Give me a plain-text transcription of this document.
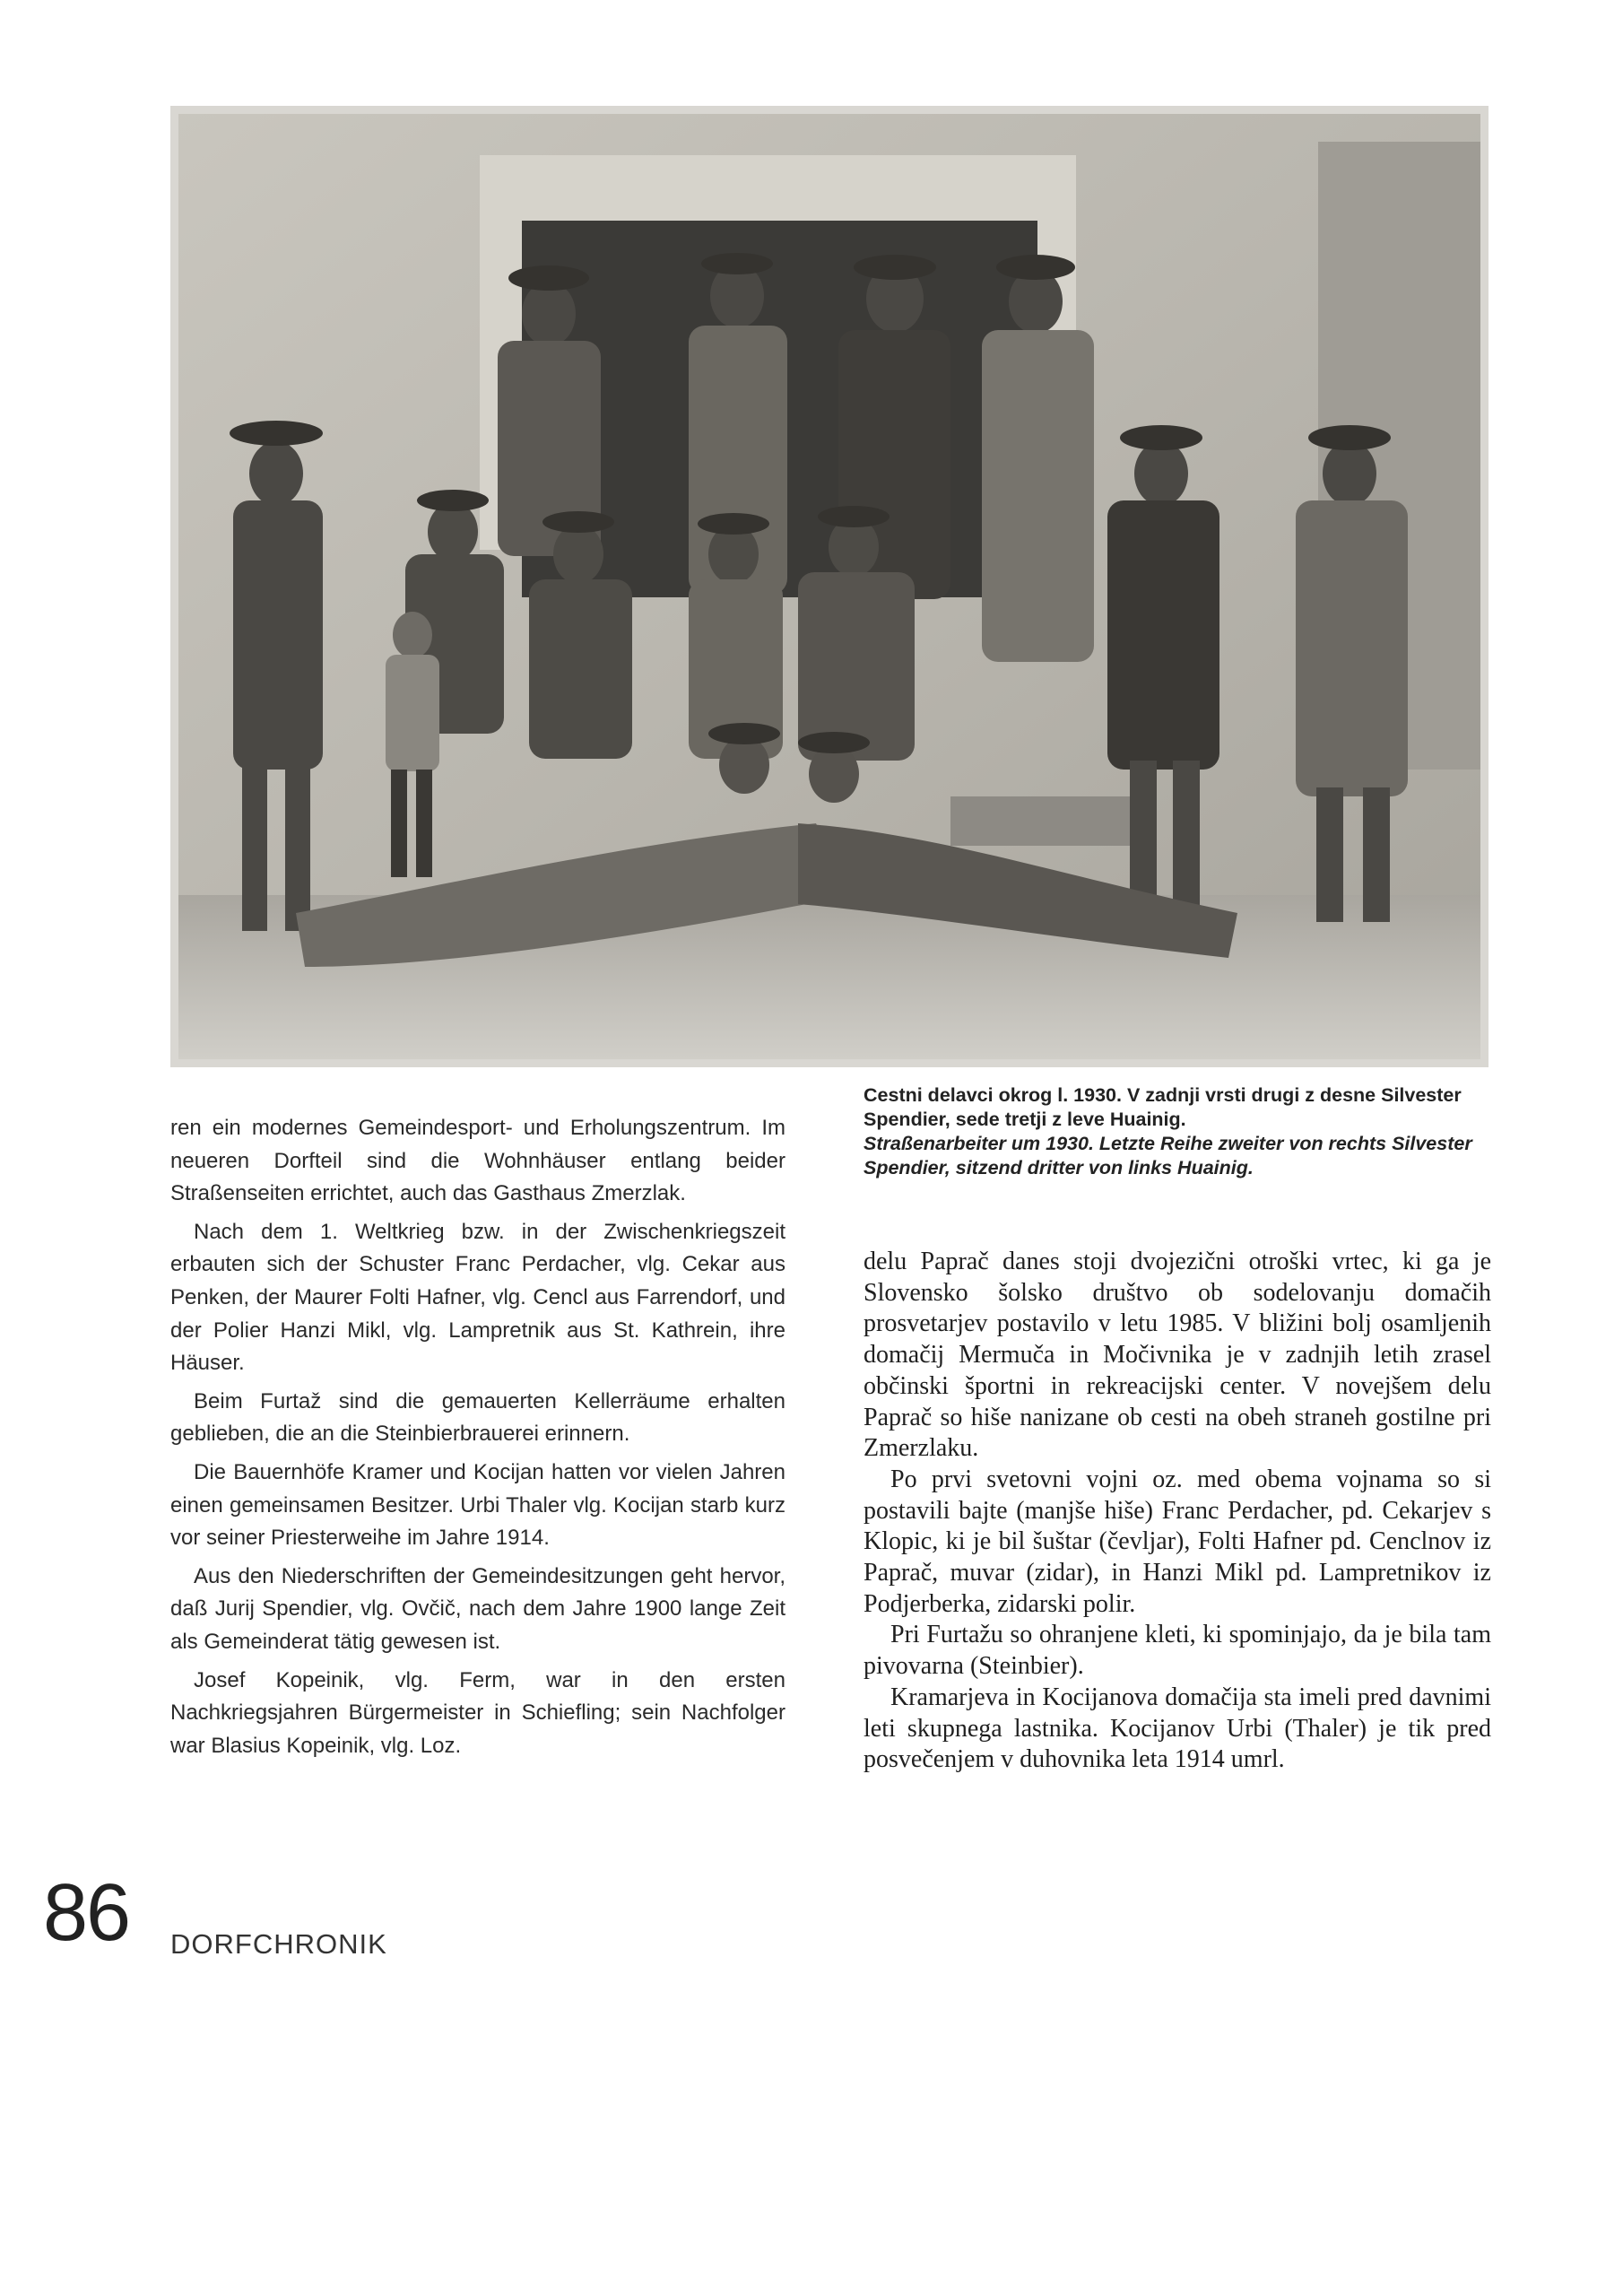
Cestni delavci okrog l. 1930. V zadnji vrsti drugi z desne Silvester Spendier, sede tretji z leve Huainig.
Straßenarbeiter um 1930. Letzte Reihe zweiter von rechts Silvester Spendier, sitzend dritter von links Huainig.

ren ein modernes Gemeindesport- und Erholungszentrum. Im neueren Dorfteil sind die Wohnhäuser entlang beider Straßenseiten errichtet, auch das Gasthaus Zmerzlak.

Nach dem 1. Weltkrieg bzw. in der Zwischenkriegszeit erbauten sich der Schuster Franc Perdacher, vlg. Cekar aus Penken, der Maurer Folti Hafner, vlg. Cencl aus Farrendorf, und der Polier Hanzi Mikl, vlg. Lampretnik aus St. Kathrein, ihre Häuser.

Beim Furtaž sind die gemauerten Kellerräume erhalten geblieben, die an die Steinbierbrauerei erinnern.

Die Bauernhöfe Kramer und Kocijan hatten vor vielen Jahren einen gemeinsamen Besitzer. Urbi Thaler vlg. Kocijan starb kurz vor seiner Priesterweihe im Jahre 1914.

Aus den Niederschriften der Gemeindesitzungen geht hervor, daß Jurij Spendier, vlg. Ovčič, nach dem Jahre 1900 lange Zeit als Gemeinderat tätig gewesen ist.

Josef Kopeinik, vlg. Ferm, war in den ersten Nachkriegsjahren Bürgermeister in Schiefling; sein Nachfolger war Blasius Kopeinik, vlg. Loz.

delu Paprač danes stoji dvojezični otroški vrtec, ki ga je Slovensko šolsko društvo ob sodelovanju domačih prosvetarjev postavilo v letu 1985. V bližini bolj osamljenih domačij Mermuča in Močivnika je v zadnjih letih zrasel občinski športni in rekreacijski center. V novejšem delu Paprač so hiše nanizane ob cesti na obeh straneh gostilne pri Zmerzlaku.

Po prvi svetovni vojni oz. med obema vojnama so si postavili bajte (manjše hiše) Franc Perdacher, pd. Cekarjev s Klopic, ki je bil šuštar (čevljar), Folti Hafner pd. Cenclnov iz Paprač, muvar (zidar), in Hanzi Mikl pd. Lampretnikov iz Podjerberka, zidarski polir.

Pri Furtažu so ohranjene kleti, ki spominjajo, da je bila tam pivovarna (Steinbier).

Kramarjeva in Kocijanova domačija sta imeli pred davnimi leti skupnega lastnika. Kocijanov Urbi (Thaler) je tik pred posvečenjem v duhovnika leta 1914 umrl.

86 DORFCHRONIK
